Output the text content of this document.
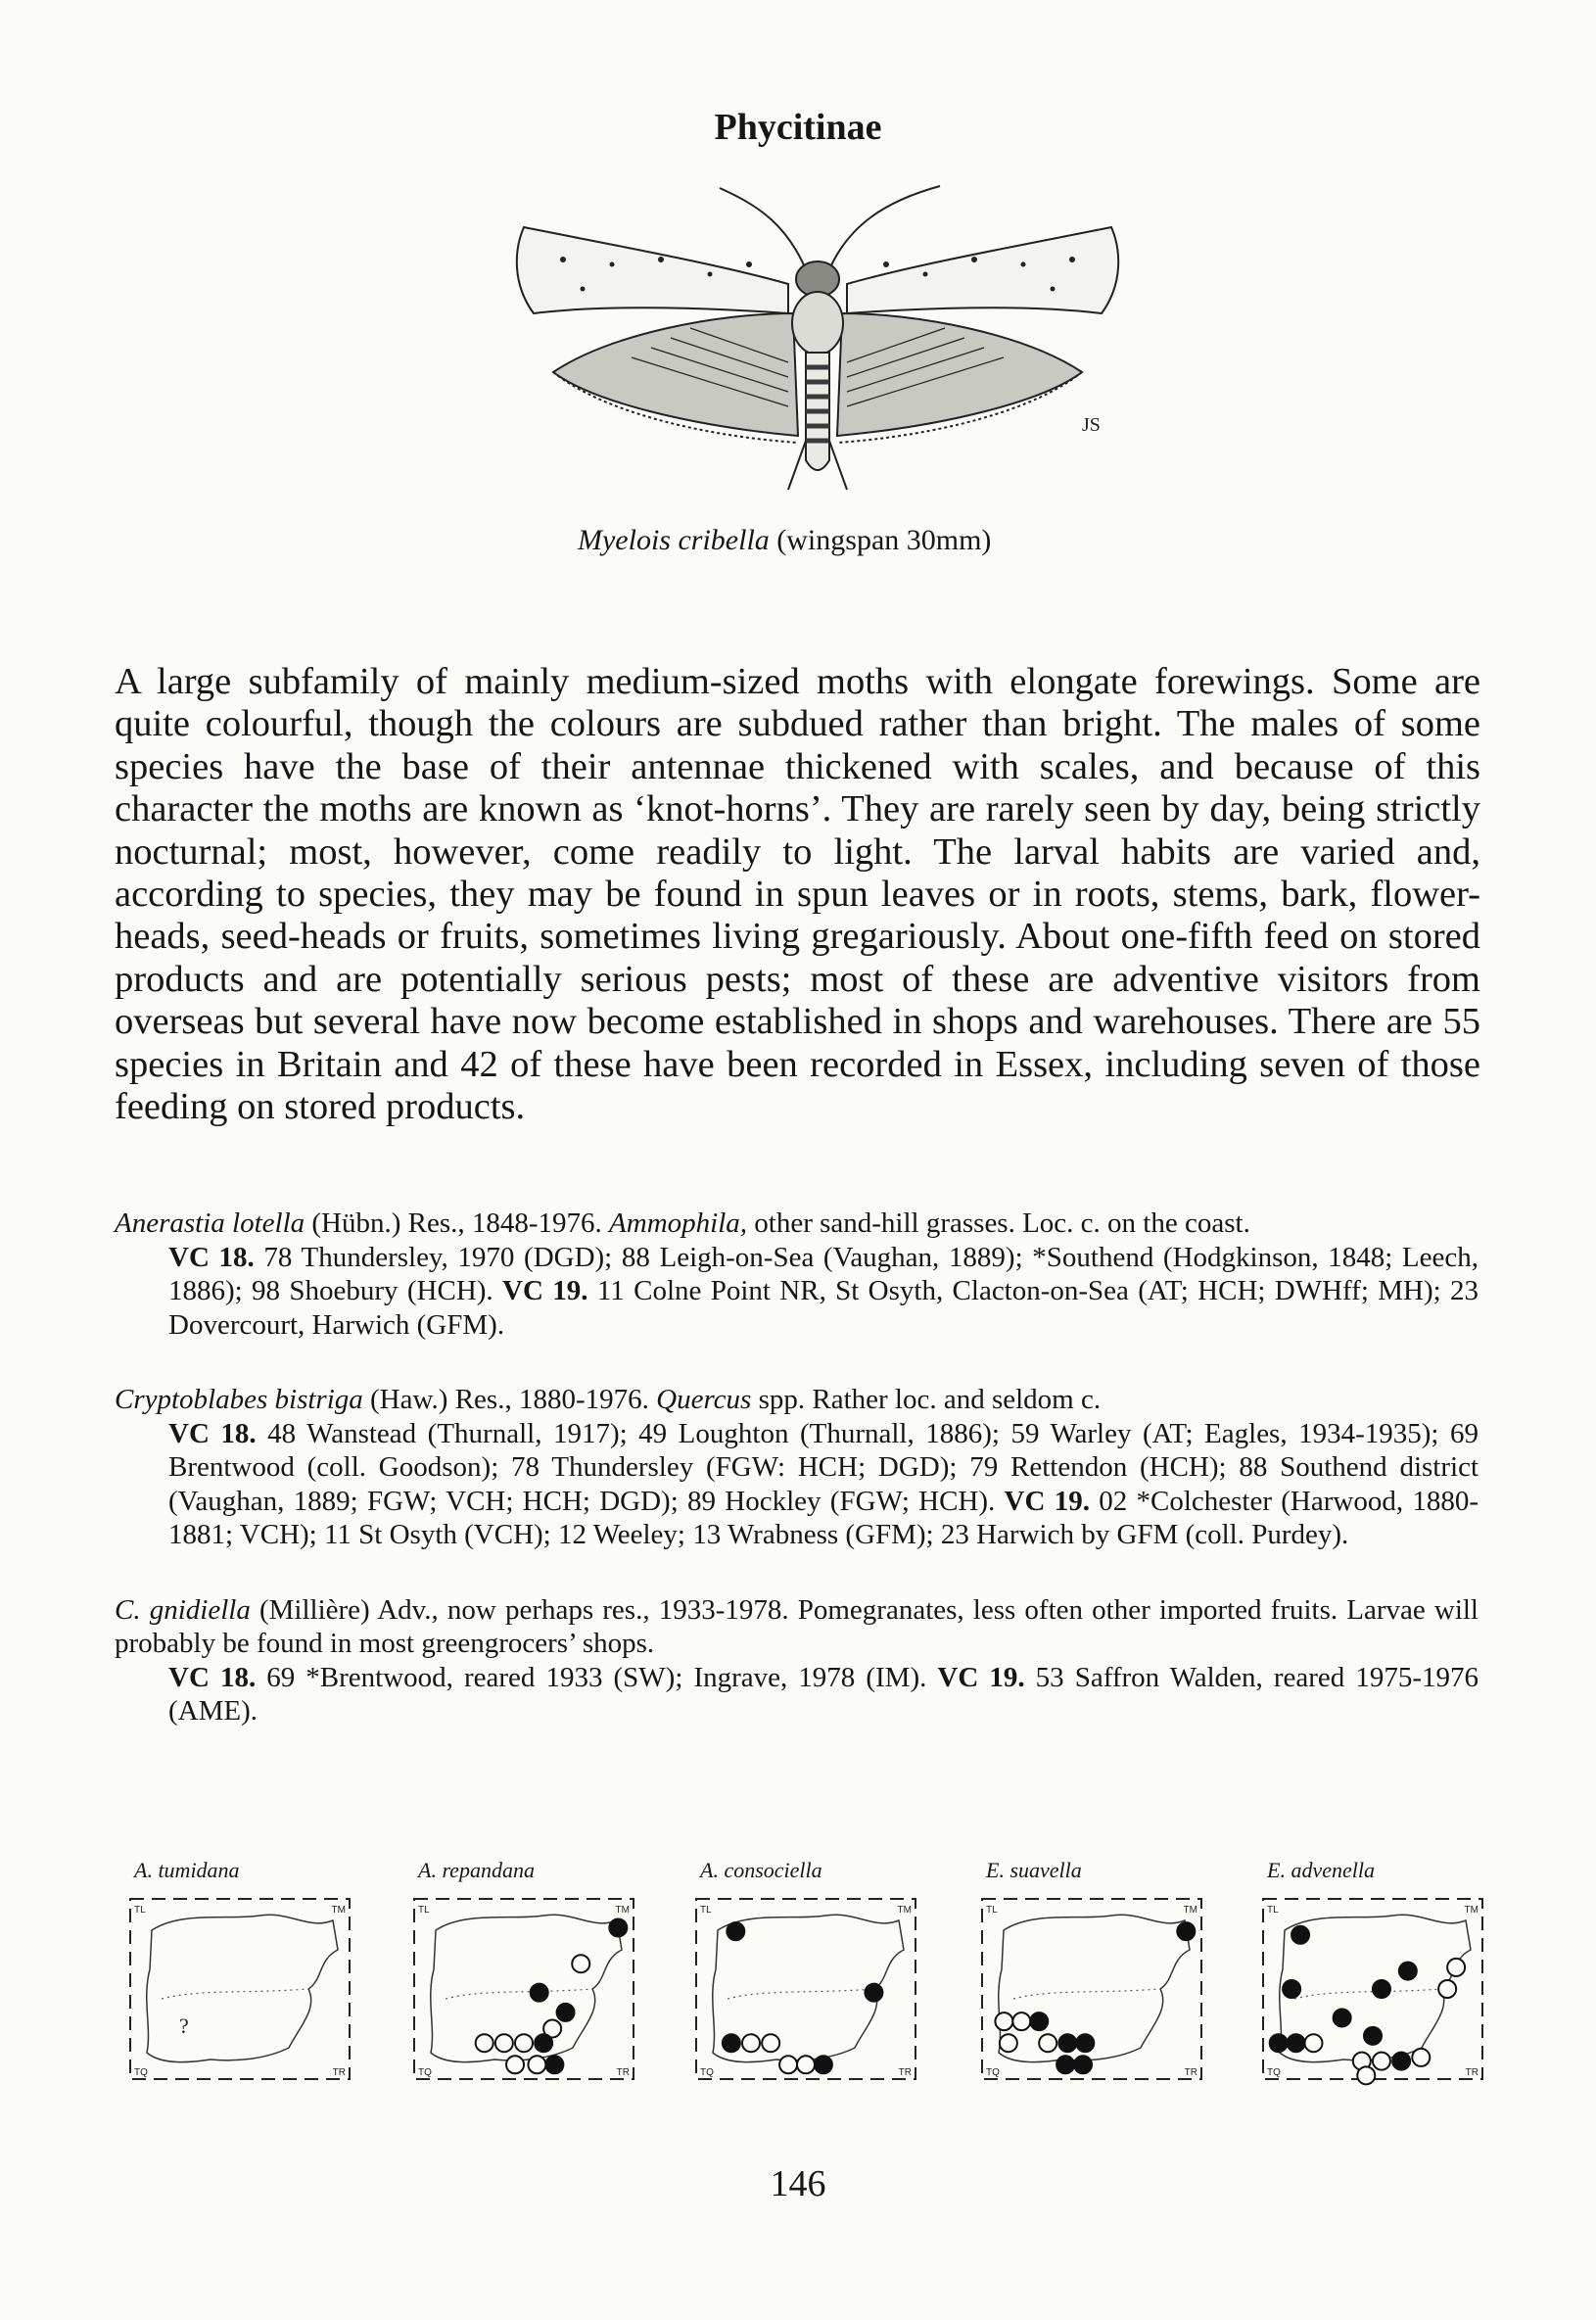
Phycitinae
JS
Myelois cribella (wingspan 30mm)
A large subfamily of mainly medium-sized moths with elongate forewings. Some are quite colourful, though the colours are subdued rather than bright. The males of some species have the base of their antennae thickened with scales, and because of this character the moths are known as ‘knot-horns’. They are rarely seen by day, being strictly nocturnal; most, however, come readily to light. The larval habits are varied and, according to species, they may be found in spun leaves or in roots, stems, bark, flower-heads, seed-heads or fruits, sometimes living gregariously. About one-fifth feed on stored products and are potentially serious pests; most of these are adventive visitors from overseas but several have now become established in shops and warehouses. There are 55 species in Britain and 42 of these have been recorded in Essex, including seven of those feeding on stored products.
Anerastia lotella (Hübn.) Res., 1848-1976. Ammophila, other sand-hill grasses. Loc. c. on the coast.
VC 18. 78 Thundersley, 1970 (DGD); 88 Leigh-on-Sea (Vaughan, 1889); *Southend (Hodgkinson, 1848; Leech, 1886); 98 Shoebury (HCH). VC 19. 11 Colne Point NR, St Osyth, Clacton-on-Sea (AT; HCH; DWHff; MH); 23 Dovercourt, Harwich (GFM).
Cryptoblabes bistriga (Haw.) Res., 1880-1976. Quercus spp. Rather loc. and seldom c.
VC 18. 48 Wanstead (Thurnall, 1917); 49 Loughton (Thurnall, 1886); 59 Warley (AT; Eagles, 1934-1935); 69 Brentwood (coll. Goodson); 78 Thundersley (FGW: HCH; DGD); 79 Rettendon (HCH); 88 Southend district (Vaughan, 1889; FGW; VCH; HCH; DGD); 89 Hockley (FGW; HCH). VC 19. 02 *Colchester (Harwood, 1880-1881; VCH); 11 St Osyth (VCH); 12 Weeley; 13 Wrabness (GFM); 23 Harwich by GFM (coll. Purdey).
C. gnidiella (Millière) Adv., now perhaps res., 1933-1978. Pomegranates, less often other imported fruits. Larvae will probably be found in most greengrocers’ shops.
VC 18. 69 *Brentwood, reared 1933 (SW); Ingrave, 1978 (IM). VC 19. 53 Saffron Walden, reared 1975-1976 (AME).
A. tumidana
TL	TM
TQ	TR
?
A. repandana
TL	TM
TQ	TR
A. consociella
TL	TM
TQ	TR
E. suavella
TL	TM
TQ	TR
E. advenella
TL	TM
TQ	TR
146
